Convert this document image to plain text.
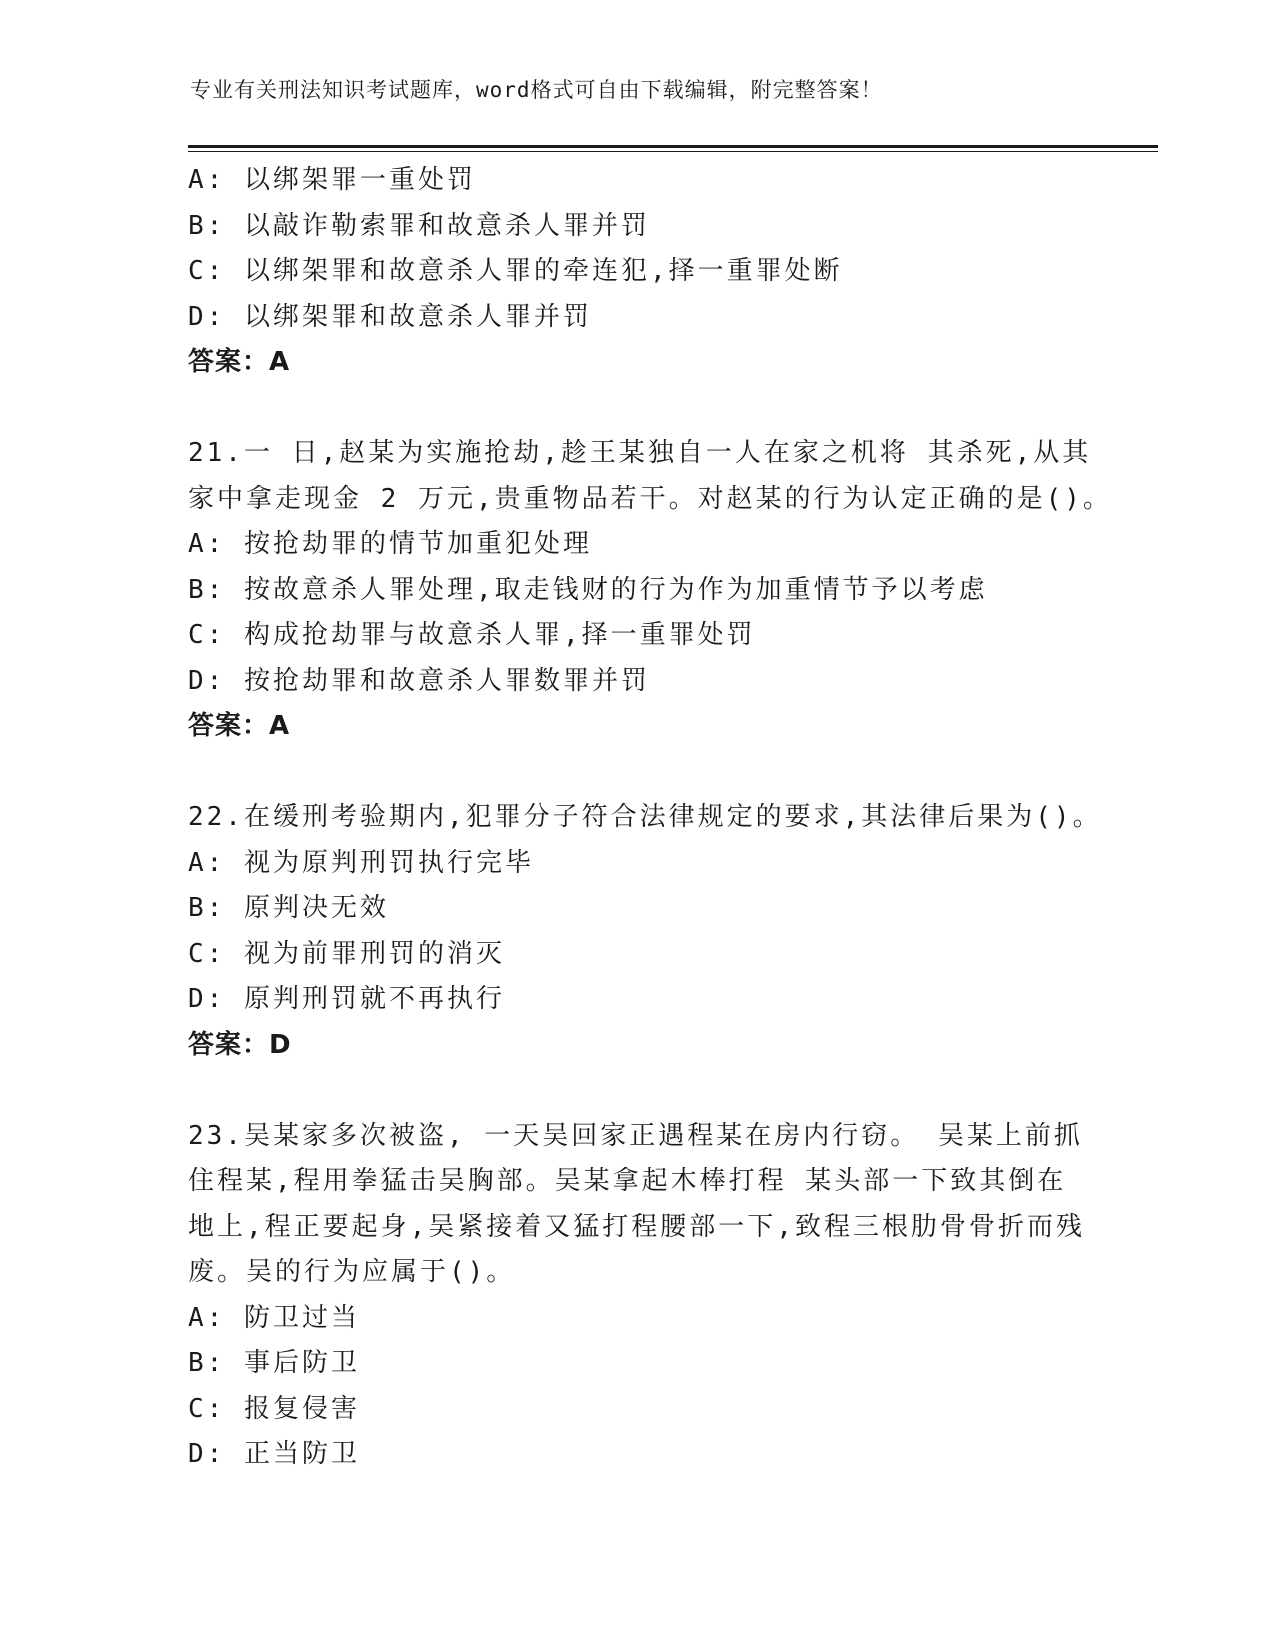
专业有关刑法知识考试题库，word格式可自由下载编辑，附完整答案！
A: 以绑架罪一重处罚
B: 以敲诈勒索罪和故意杀人罪并罚
C: 以绑架罪和故意杀人罪的牵连犯,择一重罪处断
D: 以绑架罪和故意杀人罪并罚
答案：A
21.一 日,赵某为实施抢劫,趁王某独自一人在家之机将 其杀死,从其
家中拿走现金 2 万元,贵重物品若干。对赵某的行为认定正确的是()。
A: 按抢劫罪的情节加重犯处理
B: 按故意杀人罪处理,取走钱财的行为作为加重情节予以考虑
C: 构成抢劫罪与故意杀人罪,择一重罪处罚
D: 按抢劫罪和故意杀人罪数罪并罚
答案：A
22.在缓刑考验期内,犯罪分子符合法律规定的要求,其法律后果为()。
A: 视为原判刑罚执行完毕
B: 原判决无效
C: 视为前罪刑罚的消灭
D: 原判刑罚就不再执行
答案：D
23.吴某家多次被盗, 一天吴回家正遇程某在房内行窃。 吴某上前抓
住程某,程用拳猛击吴胸部。吴某拿起木棒打程 某头部一下致其倒在
地上,程正要起身,吴紧接着又猛打程腰部一下,致程三根肋骨骨折而残
废。吴的行为应属于()。
A: 防卫过当
B: 事后防卫
C: 报复侵害
D: 正当防卫
